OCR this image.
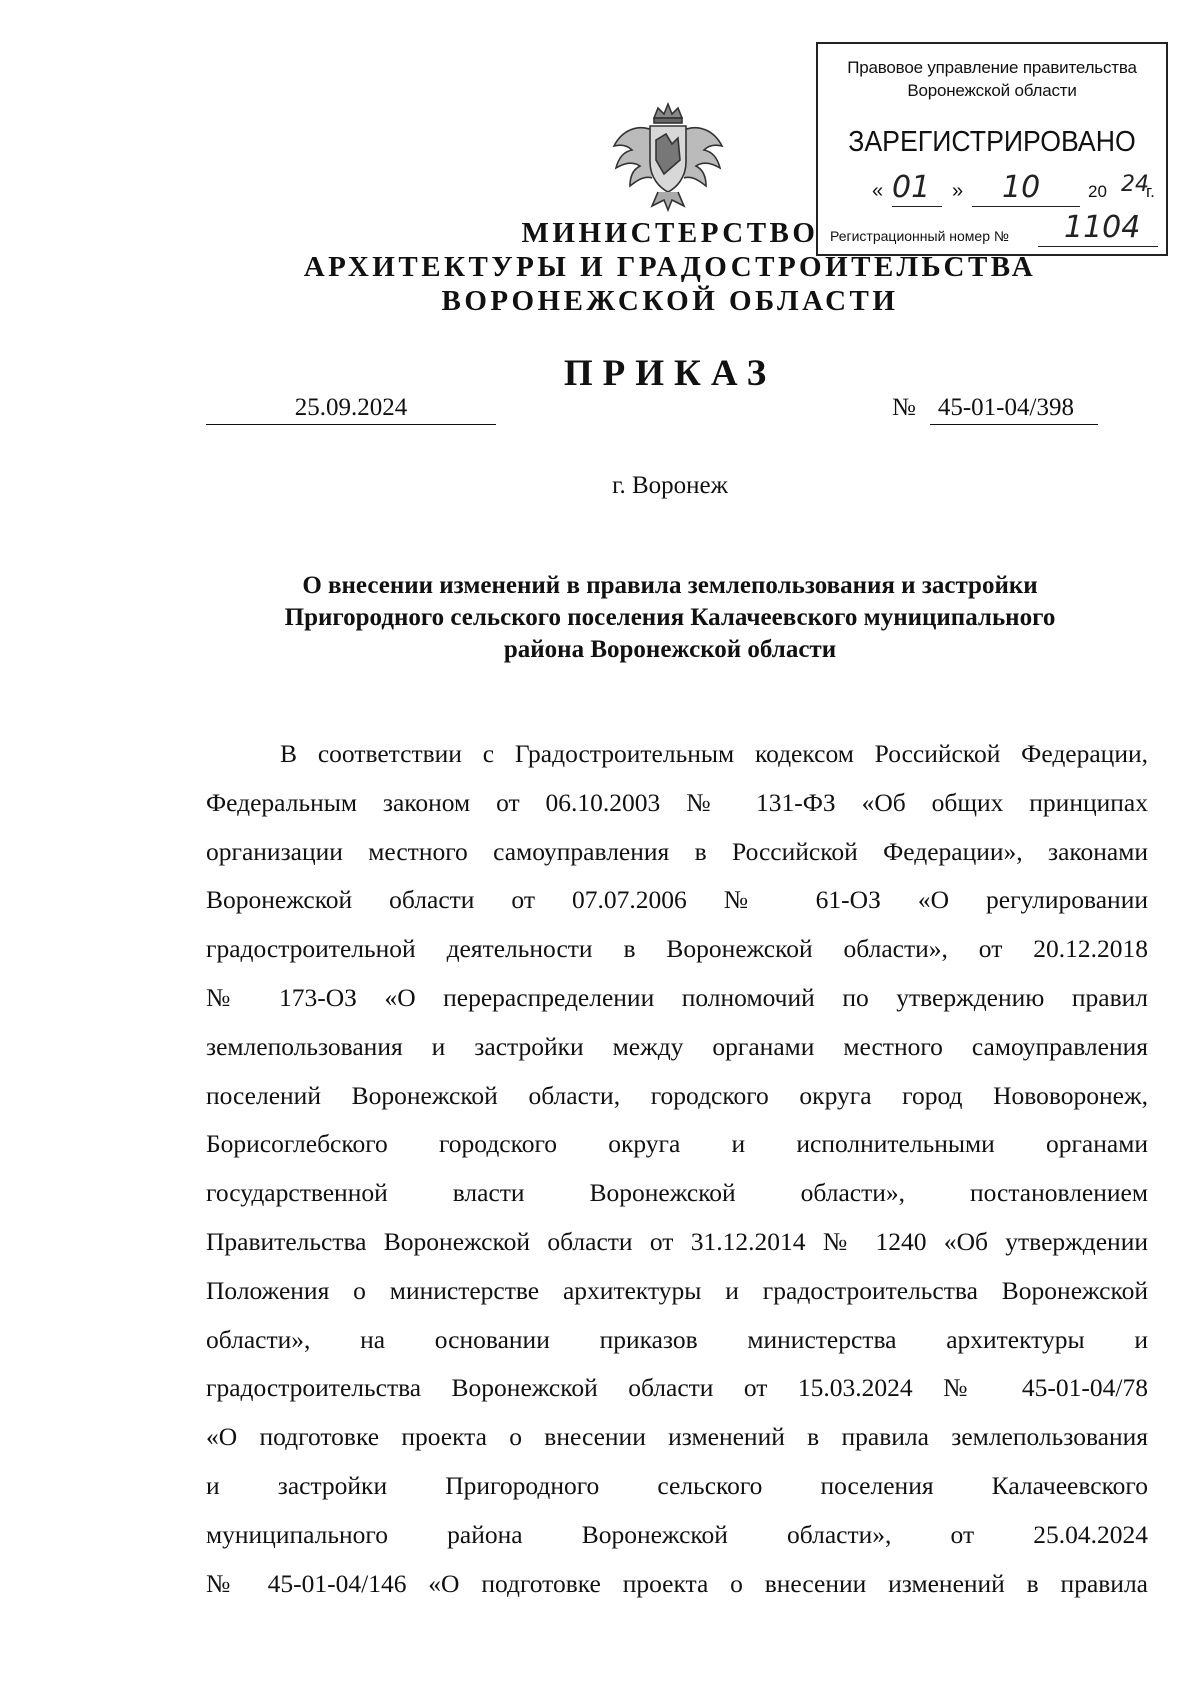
Правовое управление правительства
Воронежской области
ЗАРЕГИСТРИРОВАНО
« 01 » 10	20 24
г.
Регистрационный номер № 1104
МИНИСТЕРСТВО
АРХИТЕКТУРЫ И ГРАДОСТРОИТЕЛЬСТВА
ВОРОНЕЖСКОЙ ОБЛАСТИ
ПРИКАЗ
25.09.2024	№ 45-01-04/398
г. Воронеж
О внесении изменений в правила землепользования и застройки
Пригородного сельского поселения Калачеевского муниципального
района Воронежской области
В соответствии с Градостроительным кодексом Российской Федерации,
Федеральным законом от 06.10.2003 № 131-ФЗ «Об общих принципах
организации местного самоуправления в Российской Федерации», законами
Воронежской области от 07.07.2006 № 61-ОЗ «О регулировании
градостроительной деятельности в Воронежской области», от 20.12.2018
№ 173-ОЗ «О перераспределении полномочий по утверждению правил
землепользования и застройки между органами местного самоуправления
поселений Воронежской области, городского округа город Нововоронеж,
Борисоглебского городского округа и исполнительными органами
государственной власти Воронежской области», постановлением
Правительства Воронежской области от 31.12.2014 № 1240 «Об утверждении
Положения о министерстве архитектуры и градостроительства Воронежской
области», на основании приказов министерства архитектуры и
градостроительства Воронежской области от 15.03.2024 № 45-01-04/78
«О подготовке проекта о внесении изменений в правила землепользования
и застройки Пригородного сельского поселения Калачеевского
муниципального района Воронежской области», от 25.04.2024
№ 45-01-04/146 «О подготовке проекта о внесении изменений в правила
